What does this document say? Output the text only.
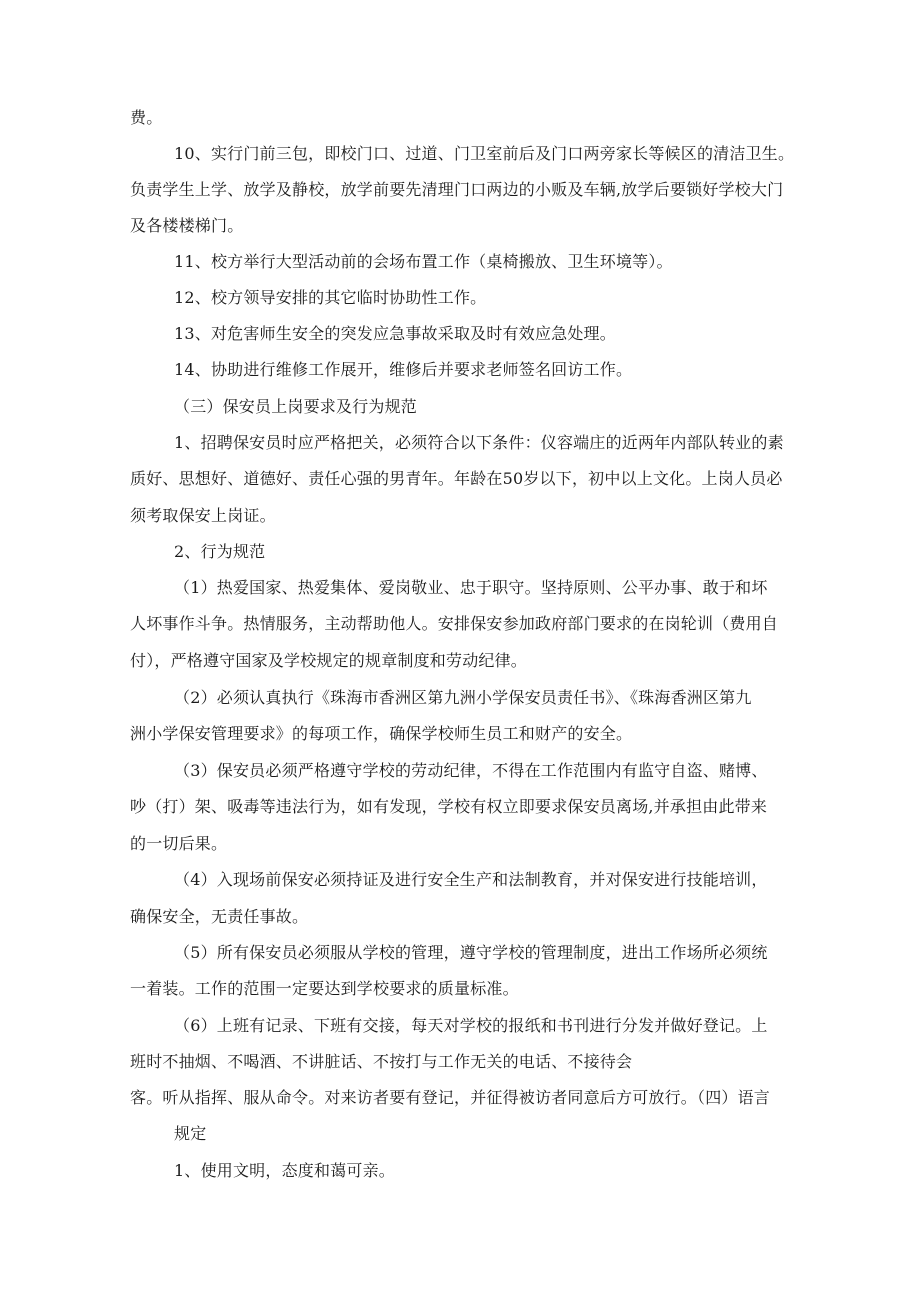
费。
10、实行门前三包，即校门口、过道、门卫室前后及门口两旁家长等候区的清洁卫生。
负责学生上学、放学及静校，放学前要先清理门口两边的小贩及车辆,放学后要锁好学校大门
及各楼楼梯门。
11、校方举行大型活动前的会场布置工作（桌椅搬放、卫生环境等）。
12、校方领导安排的其它临时协助性工作。
13、对危害师生安全的突发应急事故采取及时有效应急处理。
14、协助进行维修工作展开，维修后并要求老师签名回访工作。
（三）保安员上岗要求及行为规范
1、招聘保安员时应严格把关，必须符合以下条件：仪容端庄的近两年内部队转业的素
质好、思想好、道德好、责任心强的男青年。年龄在50岁以下，初中以上文化。上岗人员必
须考取保安上岗证。
2、行为规范
（1）热爱国家、热爱集体、爱岗敬业、忠于职守。坚持原则、公平办事、敢于和坏
人坏事作斗争。热情服务，主动帮助他人。安排保安参加政府部门要求的在岗轮训（费用自
付），严格遵守国家及学校规定的规章制度和劳动纪律。
（2）必须认真执行《珠海市香洲区第九洲小学保安员责任书》、《珠海香洲区第九
洲小学保安管理要求》的每项工作，确保学校师生员工和财产的安全。
（3）保安员必须严格遵守学校的劳动纪律，不得在工作范围内有监守自盗、赌博、
吵（打）架、吸毒等违法行为，如有发现，学校有权立即要求保安员离场,并承担由此带来
的一切后果。
（4）入现场前保安必须持证及进行安全生产和法制教育，并对保安进行技能培训，
确保安全，无责任事故。
（5）所有保安员必须服从学校的管理，遵守学校的管理制度，进出工作场所必须统
一着装。工作的范围一定要达到学校要求的质量标准。
（6）上班有记录、下班有交接，每天对学校的报纸和书刊进行分发并做好登记。上
班时不抽烟、不喝酒、不讲脏话、不按打与工作无关的电话、不接待会
客。听从指挥、服从命令。对来访者要有登记，并征得被访者同意后方可放行。（四）语言
规定
1、使用文明，态度和蔼可亲。
